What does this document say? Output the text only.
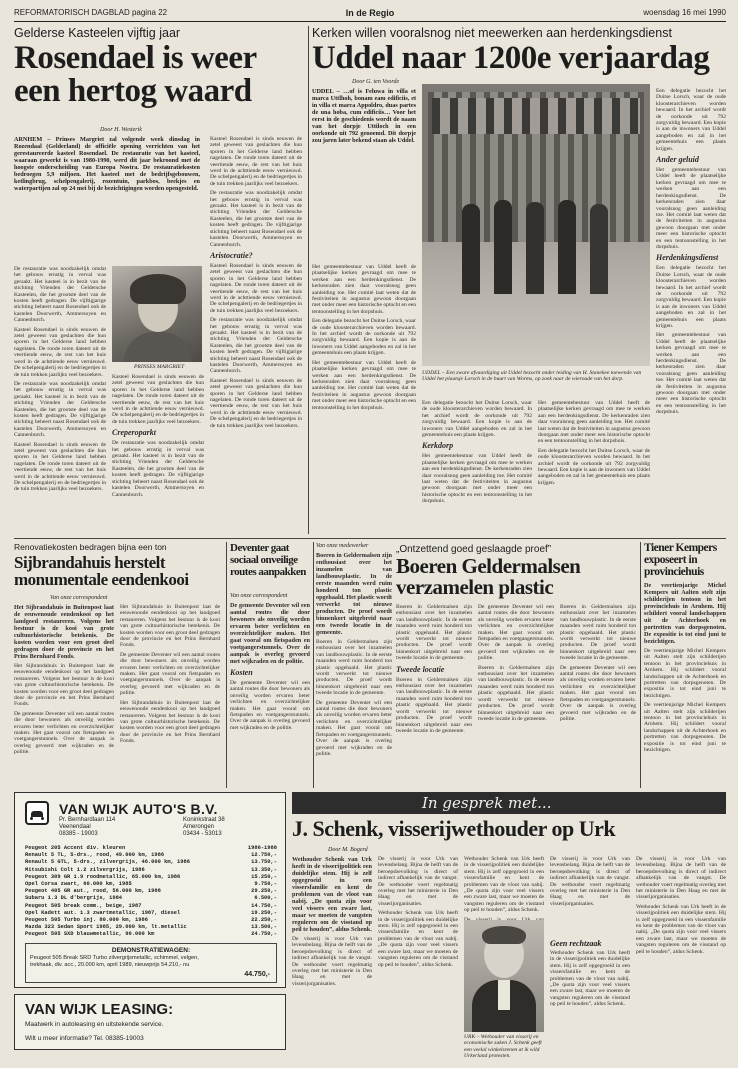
REFORMATORISCH DAGBLAD pagina 22	In de Regio	woensdag 16 mei 1990
Gelderse Kasteelen vijftig jaar
Rosendael is weer een hertog waard
Door H. Westerik
ARNHEM – Prinses Margriet zal volgende week dinsdag in Rozendaal (Gelderland) de officiële opening verrichten van het gerestaureerde kasteel Rosendael. De restauratie van het kasteel, waaraan gewerkt is van 1980-1990, werd dit jaar bekroond met de hoogste onderscheiding van Europa Nostra. De restauratiekosten bedroegen 5,9 miljoen. Het kasteel met de bedrijfsgebouwen, ketlingbrug, schelpengalerij, rozentuin, parkbos, beekjes en waterpartijen zal op 24 mei bij de bezichtigingen worden opengesteld.

De restauratie was noodzakelijk omdat het gebouw ernstig in verval was geraakt. Het kasteel is in bezit van de stichting Vrienden der Geldersche Kasteelen, die het grootste deel van de kosten heeft gedragen. De vijftigjarige stichting beheert naast Rosendael ook de kastelen Doorwerth, Ammersoyen en Cannenburch.

Kasteel Rosendael is sinds eeuwen de zetel geweest van geslachten die hun sporen in het Gelderse land hebben nagelaten. De ronde toren dateert uit de veertiende eeuw, de rest van het huis werd in de achttiende eeuw vernieuwd. De schelpengalerij en de bedriegertjes in de tuin trekken jaarlijks veel bezoekers.

De restauratie was noodzakelijk omdat het gebouw ernstig in verval was geraakt. Het kasteel is in bezit van de stichting Vrienden der Geldersche Kasteelen, die het grootste deel van de kosten heeft gedragen. De vijftigjarige stichting beheert naast Rosendael ook de kastelen Doorwerth, Ammersoyen en Cannenburch.

Kasteel Rosendael is sinds eeuwen de zetel geweest van geslachten die hun sporen in het Gelderse land hebben nagelaten. De ronde toren dateert uit de veertiende eeuw, de rest van het huis werd in de achttiende eeuw vernieuwd. De schelpengalerij en de bedriegertjes in de tuin trekken jaarlijks veel bezoekers.

PRINSES MARGRIET

Kasteel Rosendael is sinds eeuwen de zetel geweest van geslachten die hun sporen in het Gelderse land hebben nagelaten. De ronde toren dateert uit de veertiende eeuw, de rest van het huis werd in de achttiende eeuw vernieuwd. De schelpengalerij en de bedriegertjes in de tuin trekken jaarlijks veel bezoekers.

Creperoparkt

De restauratie was noodzakelijk omdat het gebouw ernstig in verval was geraakt. Het kasteel is in bezit van de stichting Vrienden der Geldersche Kasteelen, die het grootste deel van de kosten heeft gedragen. De vijftigjarige stichting beheert naast Rosendael ook de kastelen Doorwerth, Ammersoyen en Cannenburch.

Kasteel Rosendael is sinds eeuwen de zetel geweest van geslachten die hun sporen in het Gelderse land hebben nagelaten. De ronde toren dateert uit de veertiende eeuw, de rest van het huis werd in de achttiende eeuw vernieuwd. De schelpengalerij en de bedriegertjes in de tuin trekken jaarlijks veel bezoekers.

De restauratie was noodzakelijk omdat het gebouw ernstig in verval was geraakt. Het kasteel is in bezit van de stichting Vrienden der Geldersche Kasteelen, die het grootste deel van de kosten heeft gedragen. De vijftigjarige stichting beheert naast Rosendael ook de kastelen Doorwerth, Ammersoyen en Cannenburch.

Aristocratie?

Kasteel Rosendael is sinds eeuwen de zetel geweest van geslachten die hun sporen in het Gelderse land hebben nagelaten. De ronde toren dateert uit de veertiende eeuw, de rest van het huis werd in de achttiende eeuw vernieuwd. De schelpengalerij en de bedriegertjes in de tuin trekken jaarlijks veel bezoekers.

De restauratie was noodzakelijk omdat het gebouw ernstig in verval was geraakt. Het kasteel is in bezit van de stichting Vrienden der Geldersche Kasteelen, die het grootste deel van de kosten heeft gedragen. De vijftigjarige stichting beheert naast Rosendael ook de kastelen Doorwerth, Ammersoyen en Cannenburch.

Kasteel Rosendael is sinds eeuwen de zetel geweest van geslachten die hun sporen in het Gelderse land hebben nagelaten. De ronde toren dateert uit de veertiende eeuw, de rest van het huis werd in de achttiende eeuw vernieuwd. De schelpengalerij en de bedriegertjes in de tuin trekken jaarlijks veel bezoekers.

Kerken willen vooralsnog niet meewerken aan herdenkingsdienst
Uddel naar 1200e verjaardag
Door G. ten Voorde
UDDEL – …of is Feluwa in villa et marca Uttlhoh, bonam eam edificiis, et in villa et marca Appoldro, duas partes de una hoba, cum edificiis… Voor het eerst in de geschiedenis wordt de naam van het dorpje Uttiloch in een oorkonde uit 792 genoemd. Dit dorpje zou jaren later bekend staan als Uddel.

Het gemeentebestuur van Uddel heeft de plaatselijke kerken gevraagd om mee te werken aan een herdenkingsdienst. De kerkenraden zien daar vooralsnog geen aanleiding toe. Het comité laat weten dat de festiviteiten in augustus gewoon doorgaan met onder meer een historische optocht en een tentoonstelling in het dorpshuis.

Een delegatie bezocht het Duitse Lorsch, waar de oude kloosterarchieven worden bewaard. In het archief wordt de oorkonde uit 792 zorgvuldig bewaard. Een kopie is aan de inwoners van Uddel aangeboden en zal in het gemeentehuis een plaats krijgen.

Het gemeentebestuur van Uddel heeft de plaatselijke kerken gevraagd om mee te werken aan een herdenkingsdienst. De kerkenraden zien daar vooralsnog geen aanleiding toe. Het comité laat weten dat de festiviteiten in augustus gewoon doorgaan met onder meer een historische optocht en een tentoonstelling in het dorpshuis.

UDDEL – Een zware afvaardiging uit Uddel bezocht onder leiding van H. Stanekee toewende van Uddel het plaatsje Lorsch in de buurt van Worms, op zoek naar de wieroude van het dorp.

Een delegatie bezocht het Duitse Lorsch, waar de oude kloosterarchieven worden bewaard. In het archief wordt de oorkonde uit 792 zorgvuldig bewaard. Een kopie is aan de inwoners van Uddel aangeboden en zal in het gemeentehuis een plaats krijgen.

Kerkdorp

Het gemeentebestuur van Uddel heeft de plaatselijke kerken gevraagd om mee te werken aan een herdenkingsdienst. De kerkenraden zien daar vooralsnog geen aanleiding toe. Het comité laat weten dat de festiviteiten in augustus gewoon doorgaan met onder meer een historische optocht en een tentoonstelling in het dorpshuis.

Het gemeentebestuur van Uddel heeft de plaatselijke kerken gevraagd om mee te werken aan een herdenkingsdienst. De kerkenraden zien daar vooralsnog geen aanleiding toe. Het comité laat weten dat de festiviteiten in augustus gewoon doorgaan met onder meer een historische optocht en een tentoonstelling in het dorpshuis.

Een delegatie bezocht het Duitse Lorsch, waar de oude kloosterarchieven worden bewaard. In het archief wordt de oorkonde uit 792 zorgvuldig bewaard. Een kopie is aan de inwoners van Uddel aangeboden en zal in het gemeentehuis een plaats krijgen.

Een delegatie bezocht het Duitse Lorsch, waar de oude kloosterarchieven worden bewaard. In het archief wordt de oorkonde uit 792 zorgvuldig bewaard. Een kopie is aan de inwoners van Uddel aangeboden en zal in het gemeentehuis een plaats krijgen.

Ander geluid

Het gemeentebestuur van Uddel heeft de plaatselijke kerken gevraagd om mee te werken aan een herdenkingsdienst. De kerkenraden zien daar vooralsnog geen aanleiding toe. Het comité laat weten dat de festiviteiten in augustus gewoon doorgaan met onder meer een historische optocht en een tentoonstelling in het dorpshuis.

Herdenkingsdienst

Een delegatie bezocht het Duitse Lorsch, waar de oude kloosterarchieven worden bewaard. In het archief wordt de oorkonde uit 792 zorgvuldig bewaard. Een kopie is aan de inwoners van Uddel aangeboden en zal in het gemeentehuis een plaats krijgen.

Het gemeentebestuur van Uddel heeft de plaatselijke kerken gevraagd om mee te werken aan een herdenkingsdienst. De kerkenraden zien daar vooralsnog geen aanleiding toe. Het comité laat weten dat de festiviteiten in augustus gewoon doorgaan met onder meer een historische optocht en een tentoonstelling in het dorpshuis.

Renovatiekosten bedragen bijna een ton
Sijbrandahuis herstelt monumentale eendenkooi
Van onze correspondent

Het Sijbrandahuis in Buitenpost laat de eeuwenoude eendenkooi op het landgoed restaureren. Volgens het bestuur is de kooi van grote cultuurhistorische betekenis. De kosten worden voor een groot deel gedragen door de provincie en het Prins Bernhard Fonds.

Het Sijbrandahuis in Buitenpost laat de eeuwenoude eendenkooi op het landgoed restaureren. Volgens het bestuur is de kooi van grote cultuurhistorische betekenis. De kosten worden voor een groot deel gedragen door de provincie en het Prins Bernhard Fonds.

De gemeente Deventer wil een aantal routes die door bewoners als onveilig worden ervaren beter verlichten en overzichtelijker maken. Het gaat vooral om fietspaden en voetgangerstunnels. Over de aanpak is overleg gevoerd met wijkraden en de politie.

Het Sijbrandahuis in Buitenpost laat de eeuwenoude eendenkooi op het landgoed restaureren. Volgens het bestuur is de kooi van grote cultuurhistorische betekenis. De kosten worden voor een groot deel gedragen door de provincie en het Prins Bernhard Fonds.

De gemeente Deventer wil een aantal routes die door bewoners als onveilig worden ervaren beter verlichten en overzichtelijker maken. Het gaat vooral om fietspaden en voetgangerstunnels. Over de aanpak is overleg gevoerd met wijkraden en de politie.

Het Sijbrandahuis in Buitenpost laat de eeuwenoude eendenkooi op het landgoed restaureren. Volgens het bestuur is de kooi van grote cultuurhistorische betekenis. De kosten worden voor een groot deel gedragen door de provincie en het Prins Bernhard Fonds.

Deventer gaat sociaal onveilige routes aanpakken
Van onze correspondent

De gemeente Deventer wil een aantal routes die door bewoners als onveilig worden ervaren beter verlichten en overzichtelijker maken. Het gaat vooral om fietspaden en voetgangerstunnels. Over de aanpak is overleg gevoerd met wijkraden en de politie.

Kosten

De gemeente Deventer wil een aantal routes die door bewoners als onveilig worden ervaren beter verlichten en overzichtelijker maken. Het gaat vooral om fietspaden en voetgangerstunnels. Over de aanpak is overleg gevoerd met wijkraden en de politie.

Van onze medewerker

Boeren in Geldermalsen zijn enthousiast over het inzamelen van landbouwplastic. In de eerste maanden werd ruim honderd ton plastic opgehaald. Het plastic wordt verwerkt tot nieuwe producten. De proef wordt binnenkort uitgebreid naar een tweede locatie in de gemeente.

Boeren in Geldermalsen zijn enthousiast over het inzamelen van landbouwplastic. In de eerste maanden werd ruim honderd ton plastic opgehaald. Het plastic wordt verwerkt tot nieuwe producten. De proef wordt binnenkort uitgebreid naar een tweede locatie in de gemeente.

De gemeente Deventer wil een aantal routes die door bewoners als onveilig worden ervaren beter verlichten en overzichtelijker maken. Het gaat vooral om fietspaden en voetgangerstunnels. Over de aanpak is overleg gevoerd met wijkraden en de politie.

„Ontzettend goed geslaagde proef”
Boeren Geldermalsen verzamelen plastic

Boeren in Geldermalsen zijn enthousiast over het inzamelen van landbouwplastic. In de eerste maanden werd ruim honderd ton plastic opgehaald. Het plastic wordt verwerkt tot nieuwe producten. De proef wordt binnenkort uitgebreid naar een tweede locatie in de gemeente.

Tweede locatie

Boeren in Geldermalsen zijn enthousiast over het inzamelen van landbouwplastic. In de eerste maanden werd ruim honderd ton plastic opgehaald. Het plastic wordt verwerkt tot nieuwe producten. De proef wordt binnenkort uitgebreid naar een tweede locatie in de gemeente.

De gemeente Deventer wil een aantal routes die door bewoners als onveilig worden ervaren beter verlichten en overzichtelijker maken. Het gaat vooral om fietspaden en voetgangerstunnels. Over de aanpak is overleg gevoerd met wijkraden en de politie.

Boeren in Geldermalsen zijn enthousiast over het inzamelen van landbouwplastic. In de eerste maanden werd ruim honderd ton plastic opgehaald. Het plastic wordt verwerkt tot nieuwe producten. De proef wordt binnenkort uitgebreid naar een tweede locatie in de gemeente.

Boeren in Geldermalsen zijn enthousiast over het inzamelen van landbouwplastic. In de eerste maanden werd ruim honderd ton plastic opgehaald. Het plastic wordt verwerkt tot nieuwe producten. De proef wordt binnenkort uitgebreid naar een tweede locatie in de gemeente.

De gemeente Deventer wil een aantal routes die door bewoners als onveilig worden ervaren beter verlichten en overzichtelijker maken. Het gaat vooral om fietspaden en voetgangerstunnels. Over de aanpak is overleg gevoerd met wijkraden en de politie.

Tiener Kempers exposeert in provinciehuis

De veertienjarige Michel Kempers uit Aalten stelt zijn schilderijen tentoon in het provinciehuis in Arnhem. Hij schildert vooral landschappen uit de Achterhoek en portretten van dorpsgenoten. De expositie is tot eind juni te bezichtigen.

De veertienjarige Michel Kempers uit Aalten stelt zijn schilderijen tentoon in het provinciehuis in Arnhem. Hij schildert vooral landschappen uit de Achterhoek en portretten van dorpsgenoten. De expositie is tot eind juni te bezichtigen.

De veertienjarige Michel Kempers uit Aalten stelt zijn schilderijen tentoon in het provinciehuis in Arnhem. Hij schildert vooral landschappen uit de Achterhoek en portretten van dorpsgenoten. De expositie is tot eind juni te bezichtigen.

VAN WIJK AUTO'S B.V.
Pr. Bernhardlaan 114
Veenendaal
08385 - 19003
Koninkstraat 38
Amerongen
03434 - 53013
Peugeot 205 Accent div. kleuren	1986-1988
Renault 5 TL, 5-drs., rood, 49.000 km, 1986	12.750,-
Renault 5 GTL, 5-drs., zilvergrijs, 46.000 km, 1986	13.750,-
Mitsubishi Colt 1.2 zilvergrijs, 1986	13.350,-
Peugeot 309 GR 1.9 roodmetallic, 65.000 km, 1986	15.250,-
Opel Corsa zwart, 60.000 km, 1985	9.750,-
Peugeot 405 GR aut., rood, 56.000 km, 1988	29.250,-
Subaru 1.3 DL d'bergrijs, 1984	6.500,-
Peugeot 505 break comm., beige, 1987	14.750,-
Opel Kadett aut. 1.3 zwartmetallic, 1987, diesel	19.250,-
Peugeot 505 Turbo inj. 80.000 km, 1986	22.250,-
Mazda 323 Sedan Sport 1985, 29.000 km, lt.metallic	13.500,-
Peugeot 505 SXD blauwmetallic, 90.000 km	24.750,-
DEMONSTRATIEWAGEN:
Peugeot 505 Break SRD Turbo zilvergrijsmetallic, schimmel, velgen, trekhaak, div. acc., 20.000 km, april 1989, nieuwprijs 54.210,- nu
44.750,-
VAN WIJK LEASING:
Maatwerk in autoleasing en uitstekende service.
Wilt u meer informatie? Tel. 08385-19003
In gesprek met...
J. Schenk, visserijwethouder op Urk
Door M. Bogerd

Wethouder Schenk van Urk heeft in de visserijpolitiek een duidelijke stem. Hij is zelf opgegroeid in een vissersfamilie en kent de problemen van de vloot van nabij. „De quota zijn voor veel vissers een zware last, maar we moeten de vangsten reguleren om de visstand op peil te houden”, aldus Schenk.

De visserij is voor Urk van levensbelang. Bijna de helft van de beroepsbevolking is direct of indirect afhankelijk van de vangst. De wethouder voert regelmatig overleg met het ministerie in Den Haag en met de visserijorganisaties.

De visserij is voor Urk van levensbelang. Bijna de helft van de beroepsbevolking is direct of indirect afhankelijk van de vangst. De wethouder voert regelmatig overleg met het ministerie in Den Haag en met de visserijorganisaties.

Wethouder Schenk van Urk heeft in de visserijpolitiek een duidelijke stem. Hij is zelf opgegroeid in een vissersfamilie en kent de problemen van de vloot van nabij. „De quota zijn voor veel vissers een zware last, maar we moeten de vangsten reguleren om de visstand op peil te houden”, aldus Schenk.

Wethouder Schenk van Urk heeft in de visserijpolitiek een duidelijke stem. Hij is zelf opgegroeid in een vissersfamilie en kent de problemen van de vloot van nabij. „De quota zijn voor veel vissers een zware last, maar we moeten de vangsten reguleren om de visstand op peil te houden”, aldus Schenk.

De visserij is voor Urk van levensbelang. Bijna de helft van de beroepsbevolking is direct of indirect afhankelijk van de vangst. De wethouder voert regelmatig overleg met het ministerie in Den Haag en met de visserijorganisaties.

Geen rechtzaak

Wethouder Schenk van Urk heeft in de visserijpolitiek een duidelijke stem. Hij is zelf opgegroeid in een vissersfamilie en kent de problemen van de vloot van nabij. „De quota zijn voor veel vissers een zware last, maar we moeten de vangsten reguleren om de visstand op peil te houden”, aldus Schenk.

De visserij is voor Urk van levensbelang. Bijna de helft van de beroepsbevolking is direct of indirect afhankelijk van de vangst. De wethouder voert regelmatig overleg met het ministerie in Den Haag en met de visserijorganisaties.

Wethouder Schenk van Urk heeft in de visserijpolitiek een duidelijke stem. Hij is zelf opgegroeid in een vissersfamilie en kent de problemen van de vloot van nabij. „De quota zijn voor veel vissers een zware last, maar we moeten de vangsten reguleren om de visstand op peil te houden”, aldus Schenk.

URK – Wethouder van visserij en economische zaken J. Schenk geeft een veelal winkelsrenen at ik wild Urkerland protesten.
